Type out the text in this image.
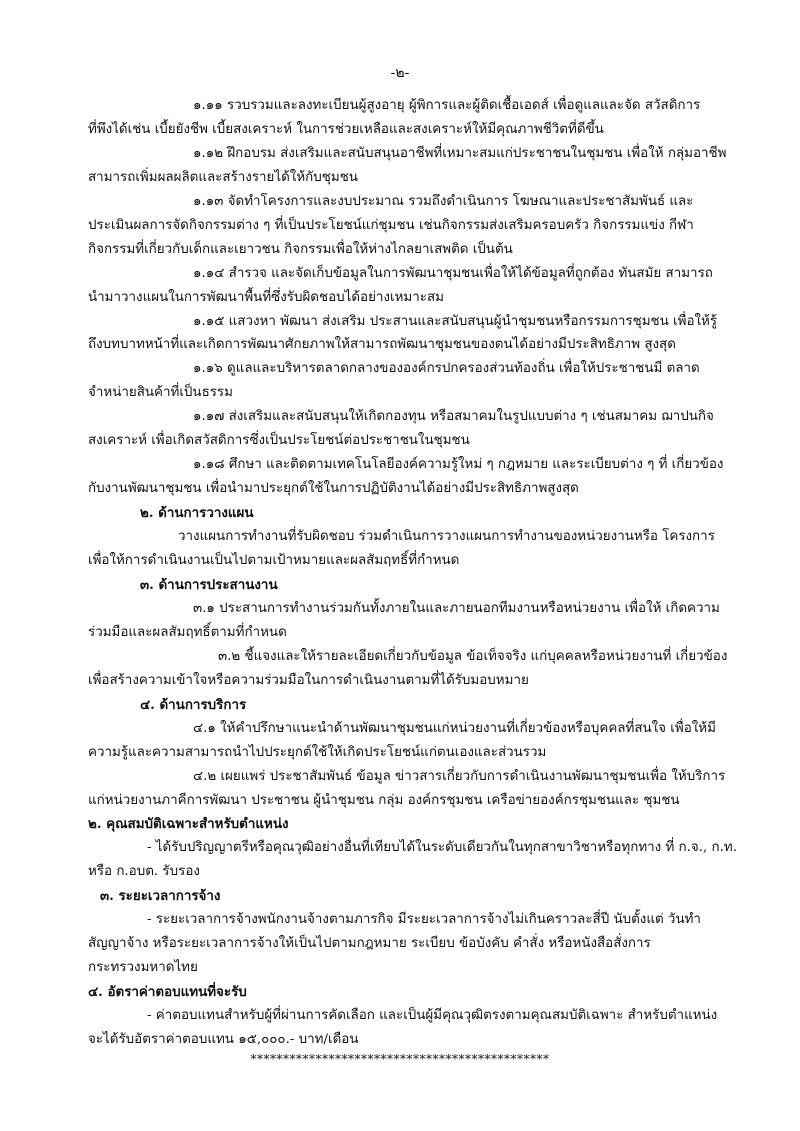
-๒-
๑.๑๑ รวบรวมและลงทะเบียนผู้สูงอายุ ผู้พิการและผู้ติดเชื้อเอดส์ เพื่อดูแลและจัด สวัสดิการ
ที่พึงได้เช่น เบี้ยยังชีพ เบี้ยสงเคราะห์ ในการช่วยเหลือและสงเคราะห์ให้มีคุณภาพชีวิตที่ดีขึ้น
๑.๑๒ ฝึกอบรม ส่งเสริมและสนับสนุนอาชีพที่เหมาะสมแก่ประชาชนในชุมชน เพื่อให้ กลุ่มอาชีพ
สามารถเพิ่มผลผลิตและสร้างรายได้ให้กับชุมชน
๑.๑๓ จัดทำโครงการและงบประมาณ รวมถึงดำเนินการ โฆษณาและประชาสัมพันธ์ และ
ประเมินผลการจัดกิจกรรมต่าง ๆ ที่เป็นประโยชน์แก่ชุมชน เช่นกิจกรรมส่งเสริมครอบครัว กิจกรรมแข่ง กีฬา
กิจกรรมที่เกี่ยวกับเด็กและเยาวชน กิจกรรมเพื่อให้ห่างไกลยาเสพติด เป็นต้น
๑.๑๔ สำรวจ และจัดเก็บข้อมูลในการพัฒนาชุมชนเพื่อให้ได้ข้อมูลที่ถูกต้อง ทันสมัย สามารถ
นำมาวางแผนในการพัฒนาพื้นที่ซึ่งรับผิดชอบได้อย่างเหมาะสม
๑.๑๕ แสวงหา พัฒนา ส่งเสริม ประสานและสนับสนุนผู้นำชุมชนหรือกรรมการชุมชน เพื่อให้รู้
ถึงบทบาทหน้าที่และเกิดการพัฒนาศักยภาพให้สามารถพัฒนาชุมชนของตนได้อย่างมีประสิทธิภาพ สูงสุด
๑.๑๖ ดูแลและบริหารตลาดกลางขององค์กรปกครองส่วนท้องถิ่น เพื่อให้ประชาชนมี ตลาด
จำหน่ายสินค้าที่เป็นธรรม
๑.๑๗ ส่งเสริมและสนับสนุนให้เกิดกองทุน หรือสมาคมในรูปแบบต่าง ๆ เช่นสมาคม ฌาปนกิจ
สงเคราะห์ เพื่อเกิดสวัสดิการซึ่งเป็นประโยชน์ต่อประชาชนในชุมชน
๑.๑๘ ศึกษา และติดตามเทคโนโลยีองค์ความรู้ใหม่ ๆ กฎหมาย และระเบียบต่าง ๆ ที่ เกี่ยวข้อง
กับงานพัฒนาชุมชน เพื่อนำมาประยุกต์ใช้ในการปฏิบัติงานได้อย่างมีประสิทธิภาพสูงสุด
๒. ด้านการวางแผน
วางแผนการทำงานที่รับผิดชอบ ร่วมดำเนินการวางแผนการทำงานของหน่วยงานหรือ โครงการ
เพื่อให้การดำเนินงานเป็นไปตามเป้าหมายและผลสัมฤทธิ์ที่กำหนด
๓. ด้านการประสานงาน
๓.๑ ประสานการทำงานร่วมกันทั้งภายในและภายนอกทีมงานหรือหน่วยงาน เพื่อให้ เกิดความ
ร่วมมือและผลสัมฤทธิ์ตามที่กำหนด
๓.๒ ชี้แจงและให้รายละเอียดเกี่ยวกับข้อมูล ข้อเท็จจริง แก่บุคคลหรือหน่วยงานที่ เกี่ยวข้อง
เพื่อสร้างความเข้าใจหรือความร่วมมือในการดำเนินงานตามที่ได้รับมอบหมาย
๔. ด้านการบริการ
๔.๑ ให้คำปรึกษาแนะนำด้านพัฒนาชุมชนแก่หน่วยงานที่เกี่ยวข้องหรือบุคคลที่สนใจ เพื่อให้มี
ความรู้และความสามารถนำไปประยุกต์ใช้ให้เกิดประโยชน์แก่ตนเองและส่วนรวม
๔.๒ เผยแพร่ ประชาสัมพันธ์ ข้อมูล ข่าวสารเกี่ยวกับการดำเนินงานพัฒนาชุมชนเพื่อ ให้บริการ
แก่หน่วยงานภาคีการพัฒนา ประชาชน ผู้นำชุมชน กลุ่ม องค์กรชุมชน เครือข่ายองค์กรชุมชนและ ชุมชน
๒. คุณสมบัติเฉพาะสำหรับตำแหน่ง
- ได้รับปริญญาตรีหรือคุณวุฒิอย่างอื่นที่เทียบได้ในระดับเดียวกันในทุกสาขาวิชาหรือทุกทาง ที่ ก.จ., ก.ท.
หรือ ก.อบต. รับรอง
๓. ระยะเวลาการจ้าง
- ระยะเวลาการจ้างพนักงานจ้างตามภารกิจ มีระยะเวลาการจ้างไม่เกินคราวละสี่ปี นับตั้งแต่ วันทำ
สัญญาจ้าง หรือระยะเวลาการจ้างให้เป็นไปตามกฎหมาย ระเบียบ ข้อบังคับ คำสั่ง หรือหนังสือสั่งการ
กระทรวงมหาดไทย
๔. อัตราค่าตอบแทนที่จะรับ
- ค่าตอบแทนสำหรับผู้ที่ผ่านการคัดเลือก และเป็นผู้มีคุณวุฒิตรงตามคุณสมบัติเฉพาะ สำหรับตำแหน่ง
จะได้รับอัตราค่าตอบแทน ๑๕,๐๐๐.- บาท/เดือน
**********************************************
